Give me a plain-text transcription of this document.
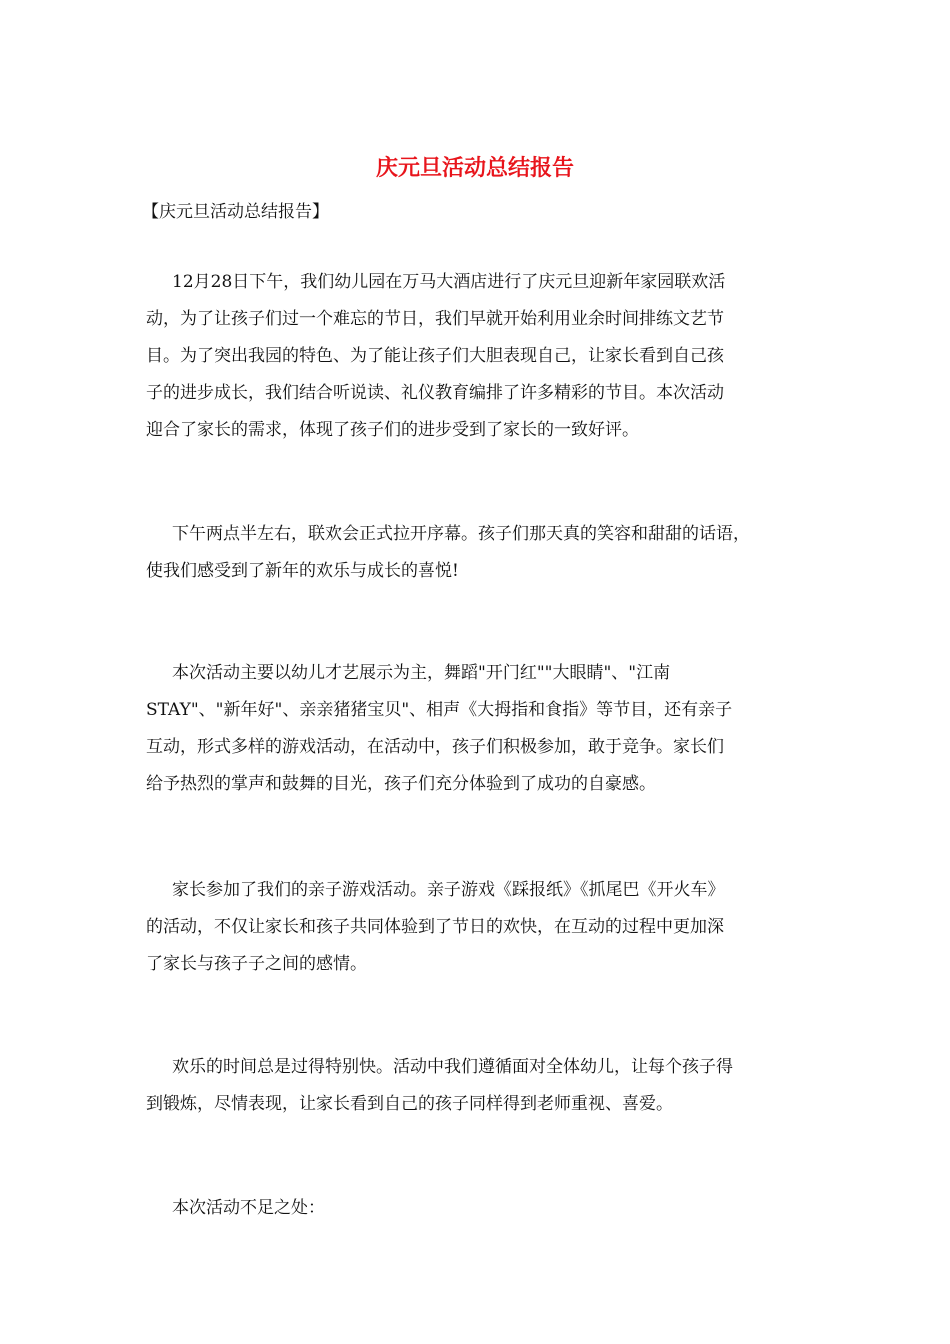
庆元旦活动总结报告

【庆元旦活动总结报告】

12月28日下午，我们幼儿园在万马大酒店进行了庆元旦迎新年家园联欢活
动，为了让孩子们过一个难忘的节日，我们早就开始利用业余时间排练文艺节
目。为了突出我园的特色、为了能让孩子们大胆表现自己，让家长看到自己孩
子的进步成长，我们结合听说读、礼仪教育编排了许多精彩的节目。本次活动
迎合了家长的需求，体现了孩子们的进步受到了家长的一致好评。

下午两点半左右，联欢会正式拉开序幕。孩子们那天真的笑容和甜甜的话语，
使我们感受到了新年的欢乐与成长的喜悦!

本次活动主要以幼儿才艺展示为主，舞蹈"开门红""大眼睛"、"江南
STAY"、"新年好"、亲亲猪猪宝贝"、相声《大拇指和食指》等节目，还有亲子
互动，形式多样的游戏活动，在活动中，孩子们积极参加，敢于竞争。家长们
给予热烈的掌声和鼓舞的目光，孩子们充分体验到了成功的自豪感。

家长参加了我们的亲子游戏活动。亲子游戏《踩报纸》《抓尾巴《开火车》
的活动，不仅让家长和孩子共同体验到了节日的欢快，在互动的过程中更加深
了家长与孩子子之间的感情。

欢乐的时间总是过得特别快。活动中我们遵循面对全体幼儿，让每个孩子得
到锻炼，尽情表现，让家长看到自己的孩子同样得到老师重视、喜爱。

本次活动不足之处：
